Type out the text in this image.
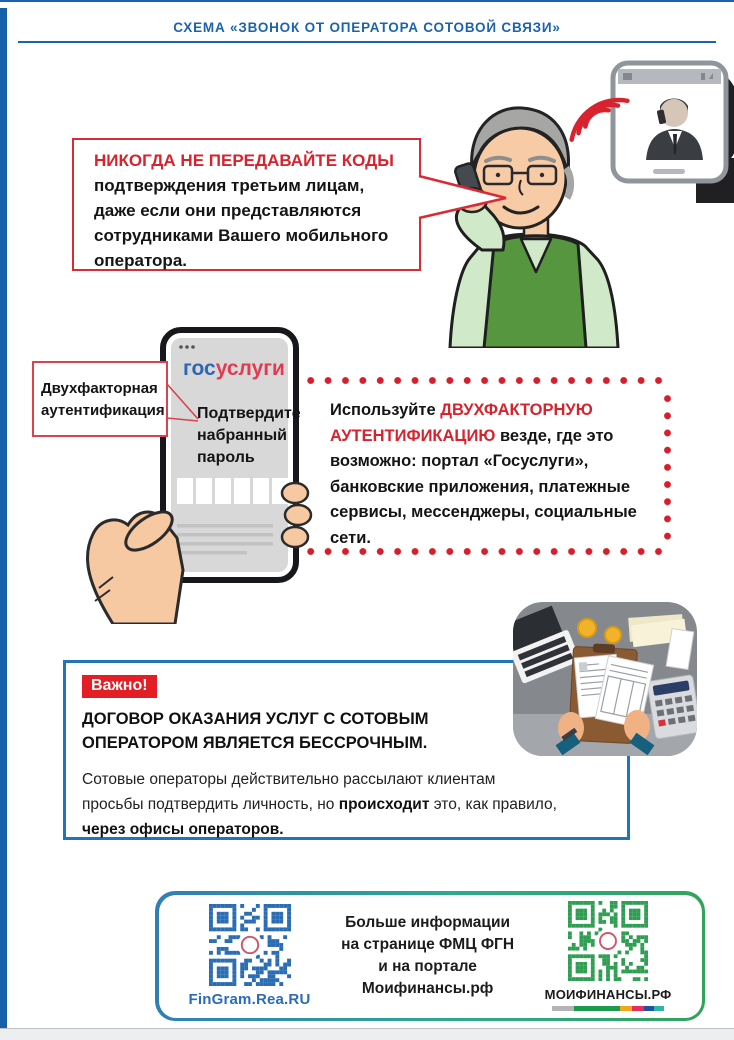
СХЕМА «ЗВОНОК ОТ ОПЕРАТОРА СОТОВОЙ СВЯЗИ»
НИКОГДА НЕ ПЕРЕДАВАЙТЕ КОДЫ
подтверждения третьим лицам,
даже если они представляются
сотрудниками Вашего мобильного
оператора.
Используйте ДВУХФАКТОРНУЮ
АУТЕНТИФИКАЦИЮ везде, где это
возможно: портал «Госуслуги»,
банковские приложения, платежные
сервисы, мессенджеры, социальные
сети.
госуслуги
Подтвердите
набранный
пароль
Двухфакторная
аутентификация
Важно!
ДОГОВОР ОКАЗАНИЯ УСЛУГ С СОТОВЫМ
ОПЕРАТОРОМ ЯВЛЯЕТСЯ БЕССРОЧНЫМ.
Сотовые операторы действительно рассылают клиентам
просьбы подтвердить личность, но происходит это, как правило,
через офисы операторов.
FinGram.Rea.RU
Больше информации
на странице ФМЦ ФГН
и на портале
Моифинансы.рф	МОИФИНАНСЫ.РФ
